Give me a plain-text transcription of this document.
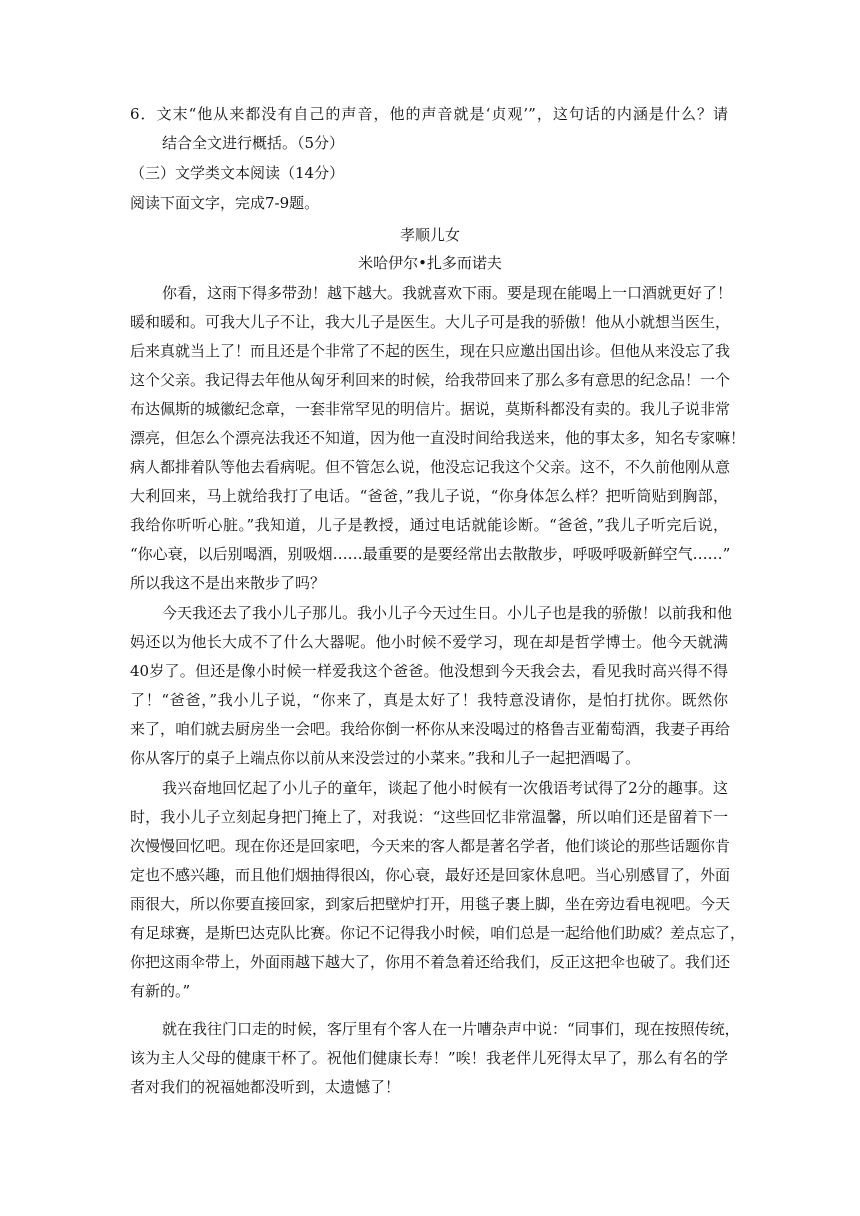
6．文末“他从来都没有自己的声音，他的声音就是‘贞观’”，这句话的内涵是什么？请
结合全文进行概括。（5分）
（三）文学类文本阅读（14分）
阅读下面文字，完成7-9题。
孝顺儿女
米哈伊尔•扎多而诺夫
你看，这雨下得多带劲！越下越大。我就喜欢下雨。要是现在能喝上一口酒就更好了！
暖和暖和。可我大儿子不让，我大儿子是医生。大儿子可是我的骄傲！他从小就想当医生，
后来真就当上了！而且还是个非常了不起的医生，现在只应邀出国出诊。但他从来没忘了我
这个父亲。我记得去年他从匈牙利回来的时候，给我带回来了那么多有意思的纪念品！一个
布达佩斯的城徽纪念章，一套非常罕见的明信片。据说，莫斯科都没有卖的。我儿子说非常
漂亮，但怎么个漂亮法我还不知道，因为他一直没时间给我送来，他的事太多，知名专家嘛！
病人都排着队等他去看病呢。但不管怎么说，他没忘记我这个父亲。这不，不久前他刚从意
大利回来，马上就给我打了电话。“爸爸，”我儿子说，“你身体怎么样？把听筒贴到胸部，
我给你听听心脏。”我知道，儿子是教授，通过电话就能诊断。“爸爸，”我儿子听完后说，
“你心衰，以后别喝酒，别吸烟……最重要的是要经常出去散散步，呼吸呼吸新鲜空气……”
所以我这不是出来散步了吗？
今天我还去了我小儿子那儿。我小儿子今天过生日。小儿子也是我的骄傲！以前我和他
妈还以为他长大成不了什么大器呢。他小时候不爱学习，现在却是哲学博士。他今天就满
40岁了。但还是像小时候一样爱我这个爸爸。他没想到今天我会去，看见我时高兴得不得
了！“爸爸，”我小儿子说，“你来了，真是太好了！我特意没请你，是怕打扰你。既然你
来了，咱们就去厨房坐一会吧。我给你倒一杯你从来没喝过的格鲁吉亚葡萄酒，我妻子再给
你从客厅的桌子上端点你以前从来没尝过的小菜来。”我和儿子一起把酒喝了。
我兴奋地回忆起了小儿子的童年，谈起了他小时候有一次俄语考试得了2分的趣事。这
时，我小儿子立刻起身把门掩上了，对我说：“这些回忆非常温馨，所以咱们还是留着下一
次慢慢回忆吧。现在你还是回家吧，今天来的客人都是著名学者，他们谈论的那些话题你肯
定也不感兴趣，而且他们烟抽得很凶，你心衰，最好还是回家休息吧。当心别感冒了，外面
雨很大，所以你要直接回家，到家后把壁炉打开，用毯子裹上脚，坐在旁边看电视吧。今天
有足球赛，是斯巴达克队比赛。你记不记得我小时候，咱们总是一起给他们助威？差点忘了，
你把这雨伞带上，外面雨越下越大了，你用不着急着还给我们，反正这把伞也破了。我们还
有新的。”
就在我往门口走的时候，客厅里有个客人在一片嘈杂声中说：“同事们，现在按照传统，
该为主人父母的健康干杯了。祝他们健康长寿！”唉！我老伴儿死得太早了，那么有名的学
者对我们的祝福她都没听到，太遗憾了！
